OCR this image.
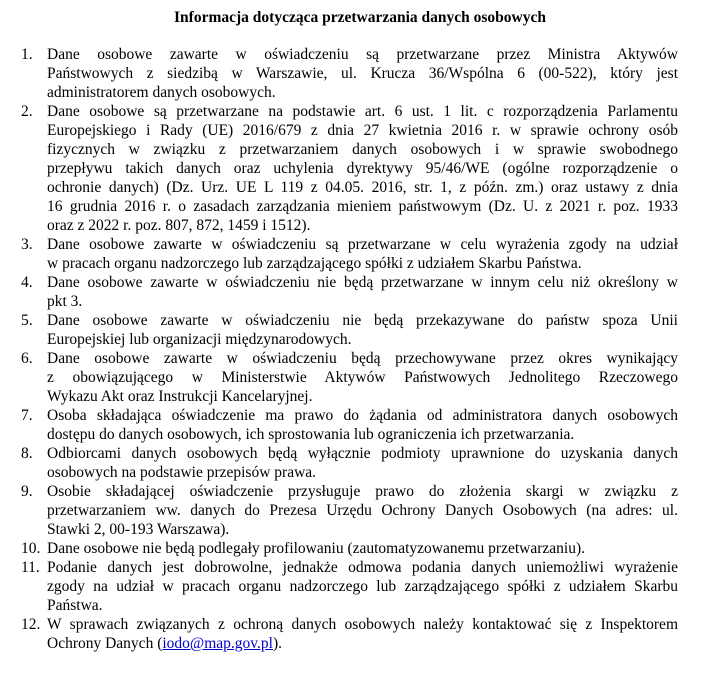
Informacja dotycząca przetwarzania danych osobowych
1. Dane osobowe zawarte w oświadczeniu są przetwarzane przez Ministra Aktywów
Państwowych z siedzibą w Warszawie, ul. Krucza 36/Wspólna 6 (00-522), który jest
administratorem danych osobowych.
2. Dane osobowe są przetwarzane na podstawie art. 6 ust. 1 lit. c rozporządzenia Parlamentu
Europejskiego i Rady (UE) 2016/679 z dnia 27 kwietnia 2016 r. w sprawie ochrony osób
fizycznych w związku z przetwarzaniem danych osobowych i w sprawie swobodnego
przepływu takich danych oraz uchylenia dyrektywy 95/46/WE (ogólne rozporządzenie o
ochronie danych) (Dz. Urz. UE L 119 z 04.05. 2016, str. 1, z późn. zm.) oraz ustawy z dnia
16 grudnia 2016 r. o zasadach zarządzania mieniem państwowym (Dz. U. z 2021 r. poz. 1933
oraz z 2022 r. poz. 807, 872, 1459 i 1512).
3. Dane osobowe zawarte w oświadczeniu są przetwarzane w celu wyrażenia zgody na udział
w pracach organu nadzorczego lub zarządzającego spółki z udziałem Skarbu Państwa.
4. Dane osobowe zawarte w oświadczeniu nie będą przetwarzane w innym celu niż określony w
pkt 3.
5. Dane osobowe zawarte w oświadczeniu nie będą przekazywane do państw spoza Unii
Europejskiej lub organizacji międzynarodowych.
6. Dane osobowe zawarte w oświadczeniu będą przechowywane przez okres wynikający
z obowiązującego w Ministerstwie Aktywów Państwowych Jednolitego Rzeczowego
Wykazu Akt oraz Instrukcji Kancelaryjnej.
7. Osoba składająca oświadczenie ma prawo do żądania od administratora danych osobowych
dostępu do danych osobowych, ich sprostowania lub ograniczenia ich przetwarzania.
8. Odbiorcami danych osobowych będą wyłącznie podmioty uprawnione do uzyskania danych
osobowych na podstawie przepisów prawa.
9. Osobie składającej oświadczenie przysługuje prawo do złożenia skargi w związku z
przetwarzaniem ww. danych do Prezesa Urzędu Ochrony Danych Osobowych (na adres: ul.
Stawki 2, 00-193 Warszawa).
10. Dane osobowe nie będą podlegały profilowaniu (zautomatyzowanemu przetwarzaniu).
11. Podanie danych jest dobrowolne, jednakże odmowa podania danych uniemożliwi wyrażenie
zgody na udział w pracach organu nadzorczego lub zarządzającego spółki z udziałem Skarbu
Państwa.
12. W sprawach związanych z ochroną danych osobowych należy kontaktować się z Inspektorem
Ochrony Danych (iodo@map.gov.pl).
